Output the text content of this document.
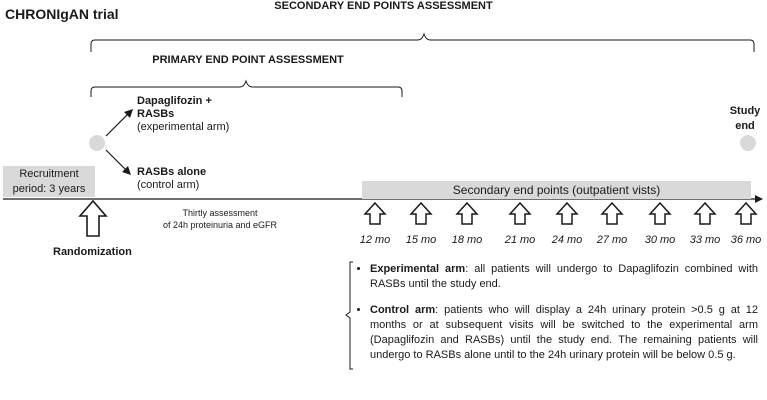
CHRONIgAN trial	SECONDARY END POINTS ASSESSMENT
PRIMARY END POINT ASSESSMENT
Dapaglifozin +
RASBs
(experimental arm)
RASBs alone
(control arm)
Study
end
Recruitment
period: 3 years	Secondary end points (outpatient vists)
Randomization
Thirtly assessment
of 24h proteinuria and eGFR
12 mo	15 mo	18 mo	21 mo	24 mo	27 mo	30 mo	33 mo 36 mo
• Experimental arm: all patients will undergo to Dapaglifozin combined with RASBs until the study end.
• Control arm: patients who will display a 24h urinary protein >0.5 g at 12 months or at subsequent visits will be switched to the experimental arm (Dapaglifozin and RASBs) until the study end. The remaining patients will undergo to RASBs alone until to the 24h urinary protein will be below 0.5 g.
